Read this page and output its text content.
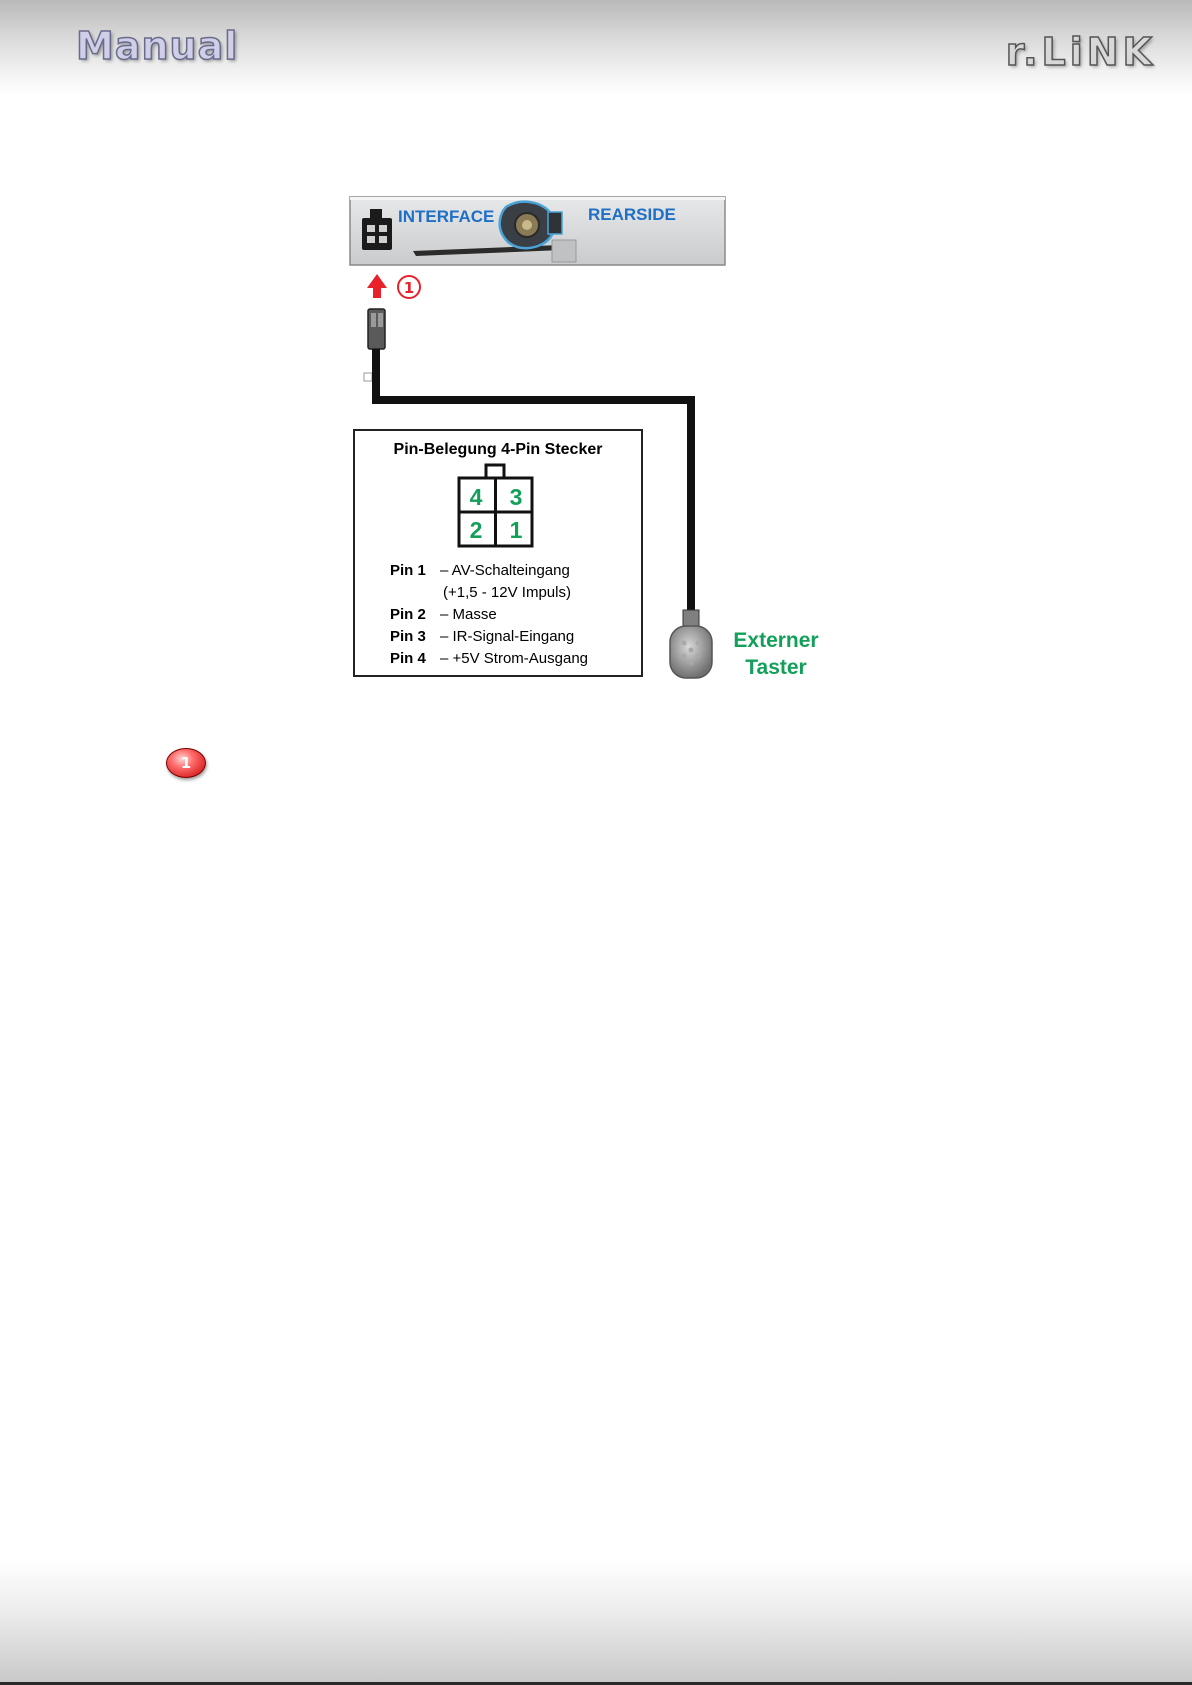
Manual	r.LiNK
INTERFACE	REARSIDE
1
Externer
Taster
Pin-Belegung 4-Pin Stecker
4 3
2 1
Pin 1 – AV-Schalteingang
(+1,5 - 12V Impuls)
Pin 2 – Masse
Pin 3 – IR-Signal-Eingang
Pin 4 – +5V Strom-Ausgang
1
